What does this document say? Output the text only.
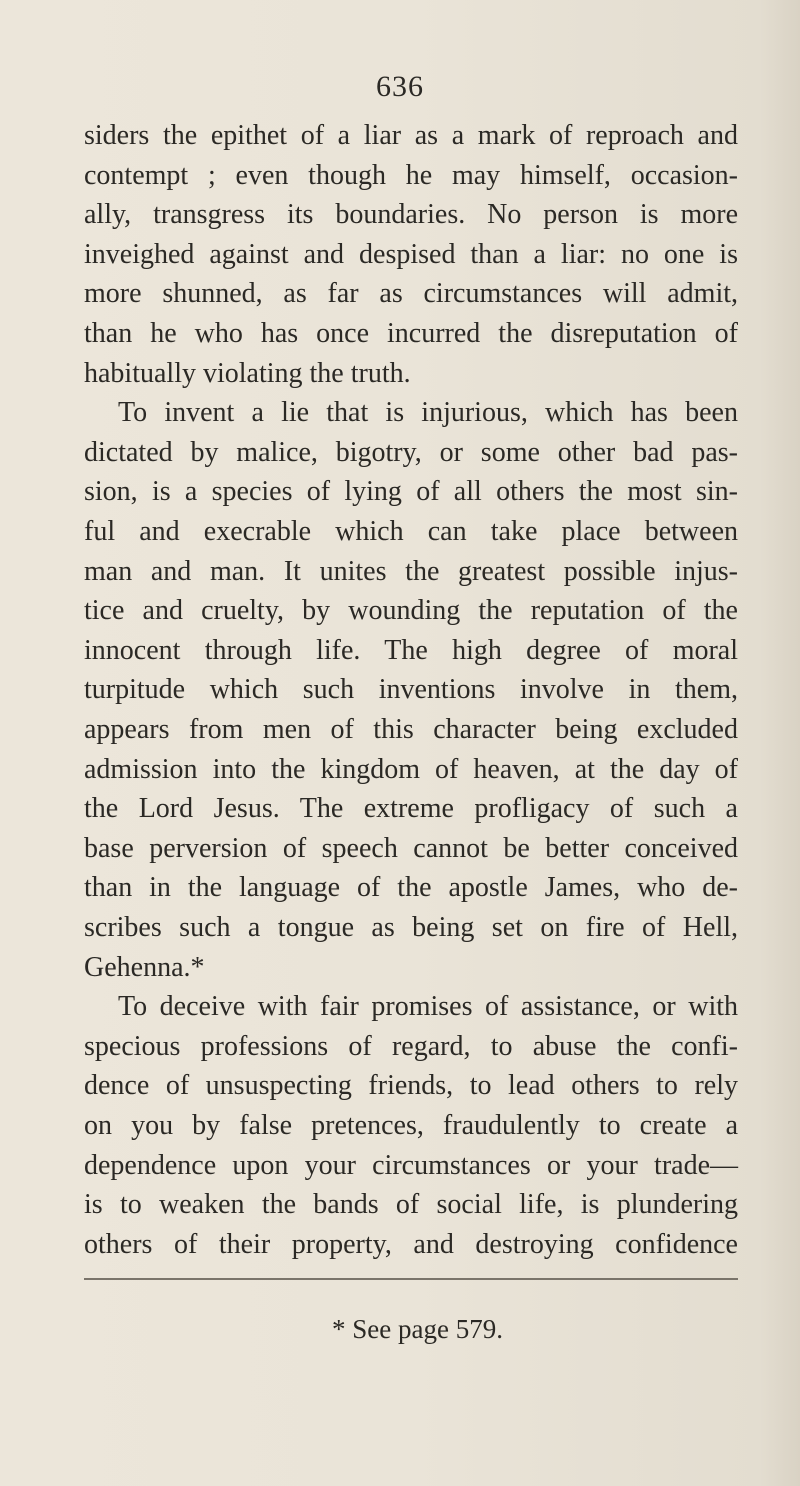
636
siders the epithet of a liar as a mark of reproach and
contempt ; even though he may himself, occasion-
ally, transgress its boundaries. No person is more
inveighed against and despised than a liar: no one is
more shunned, as far as circumstances will admit,
than he who has once incurred the disreputation of
habitually violating the truth.
To invent a lie that is injurious, which has been
dictated by malice, bigotry, or some other bad pas-
sion, is a species of lying of all others the most sin-
ful and execrable which can take place between
man and man. It unites the greatest possible injus-
tice and cruelty, by wounding the reputation of the
innocent through life. The high degree of moral
turpitude which such inventions involve in them,
appears from men of this character being excluded
admission into the kingdom of heaven, at the day of
the Lord Jesus. The extreme profligacy of such a
base perversion of speech cannot be better conceived
than in the language of the apostle James, who de-
scribes such a tongue as being set on fire of Hell,
Gehenna.*
To deceive with fair promises of assistance, or with
specious professions of regard, to abuse the confi-
dence of unsuspecting friends, to lead others to rely
on you by false pretences, fraudulently to create a
dependence upon your circumstances or your trade—
is to weaken the bands of social life, is plundering
others of their property, and destroying confidence
* See page 579.
